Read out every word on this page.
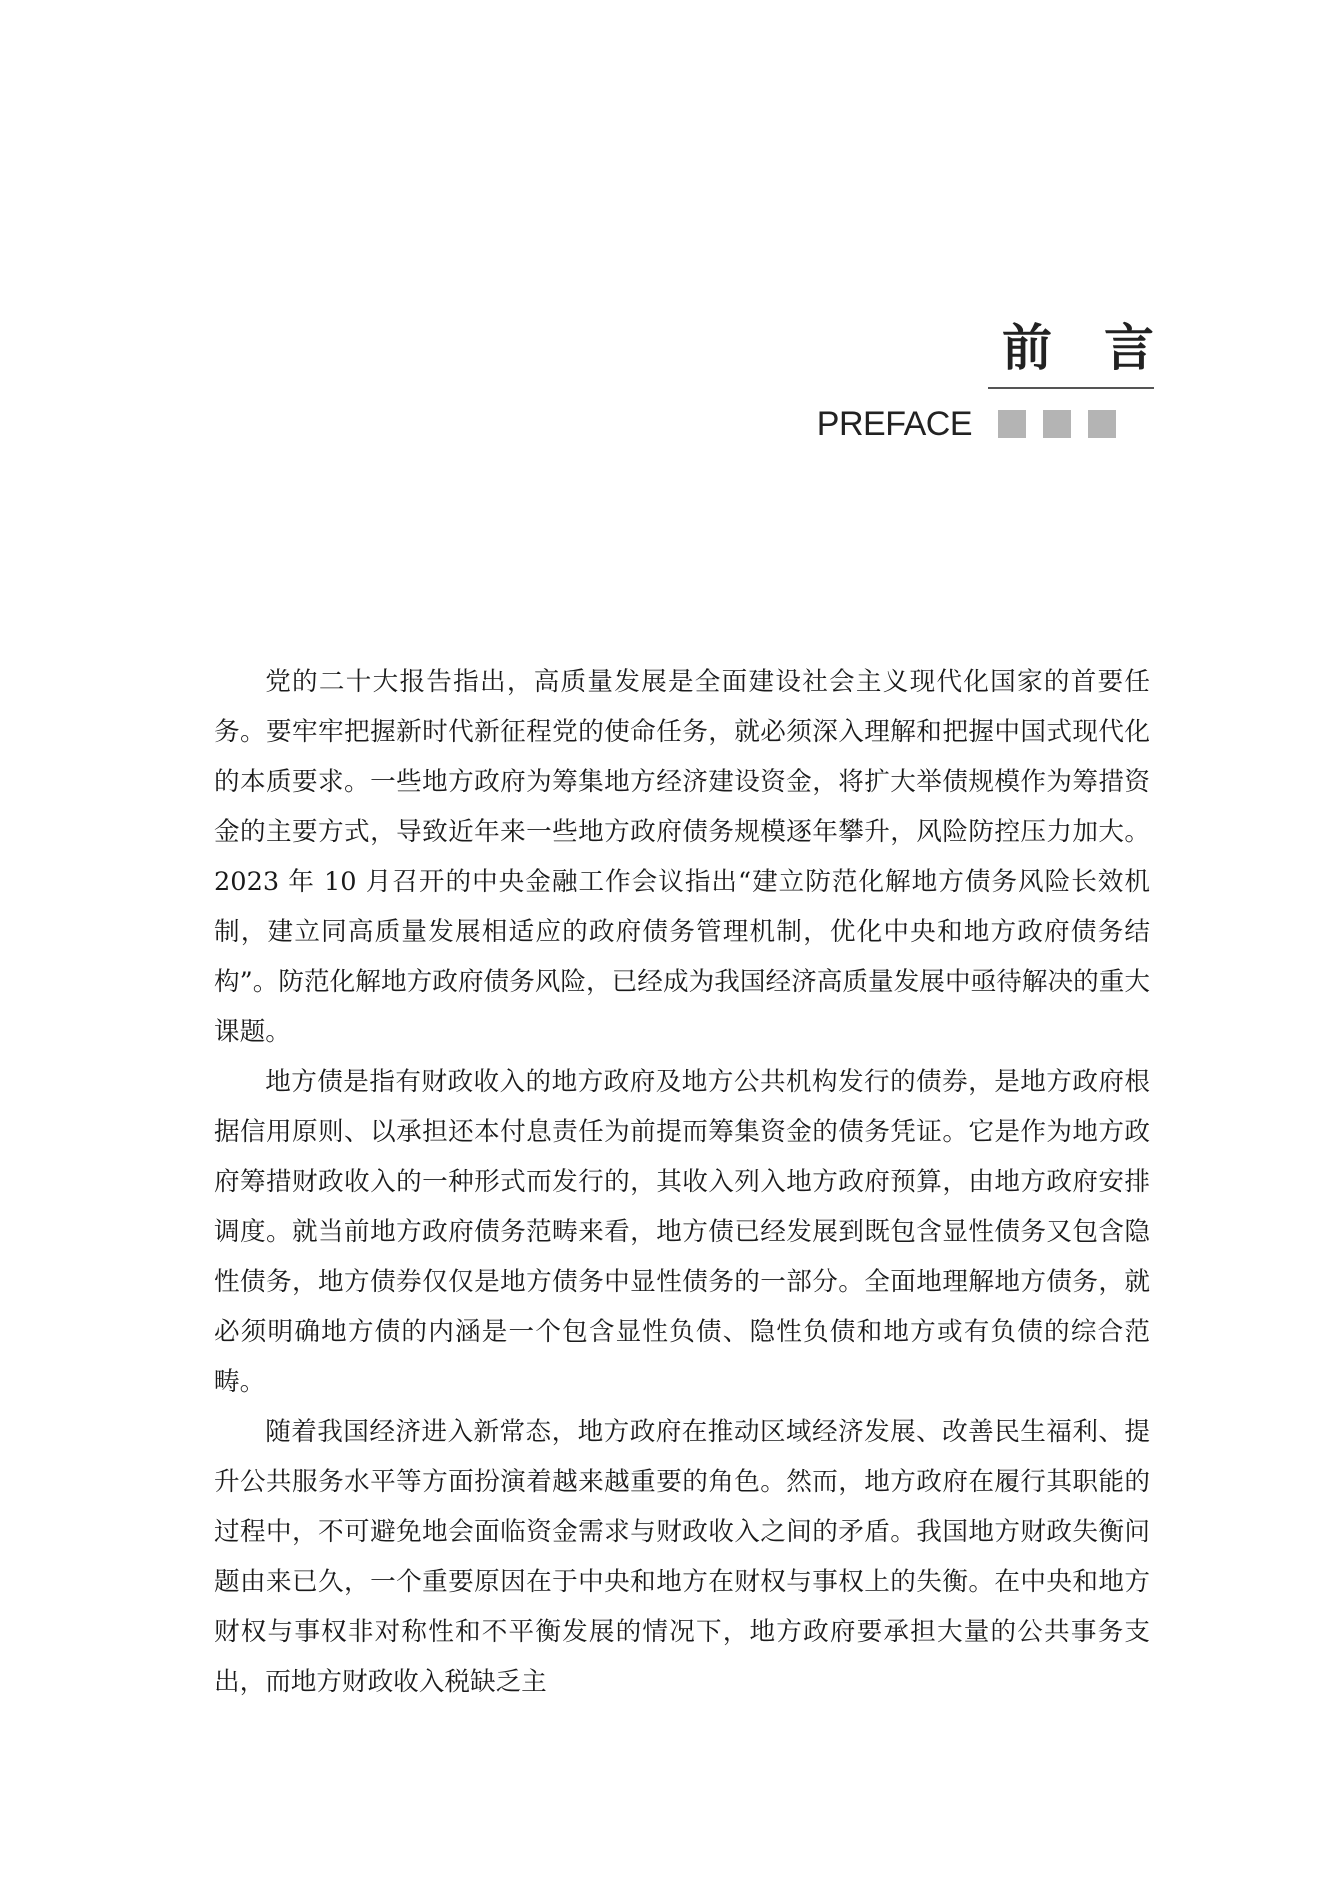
前言
PREFACE

党的二十大报告指出，高质量发展是全面建设社会主义现代化国家的首要任务。要牢牢把握新时代新征程党的使命任务，就必须深入理解和把握中国式现代化的本质要求。一些地方政府为筹集地方经济建设资金，将扩大举债规模作为筹措资金的主要方式，导致近年来一些地方政府债务规模逐年攀升，风险防控压力加大。2023 年 10 月召开的中央金融工作会议指出“建立防范化解地方债务风险长效机制，建立同高质量发展相适应的政府债务管理机制，优化中央和地方政府债务结构”。防范化解地方政府债务风险，已经成为我国经济高质量发展中亟待解决的重大课题。

地方债是指有财政收入的地方政府及地方公共机构发行的债券，是地方政府根据信用原则、以承担还本付息责任为前提而筹集资金的债务凭证。它是作为地方政府筹措财政收入的一种形式而发行的，其收入列入地方政府预算，由地方政府安排调度。就当前地方政府债务范畴来看，地方债已经发展到既包含显性债务又包含隐性债务，地方债券仅仅是地方债务中显性债务的一部分。全面地理解地方债务，就必须明确地方债的内涵是一个包含显性负债、隐性负债和地方或有负债的综合范畴。

随着我国经济进入新常态，地方政府在推动区域经济发展、改善民生福利、提升公共服务水平等方面扮演着越来越重要的角色。然而，地方政府在履行其职能的过程中，不可避免地会面临资金需求与财政收入之间的矛盾。我国地方财政失衡问题由来已久，一个重要原因在于中央和地方在财权与事权上的失衡。在中央和地方财权与事权非对称性和不平衡发展的情况下，地方政府要承担大量的公共事务支出，而地方财政收入税缺乏主
